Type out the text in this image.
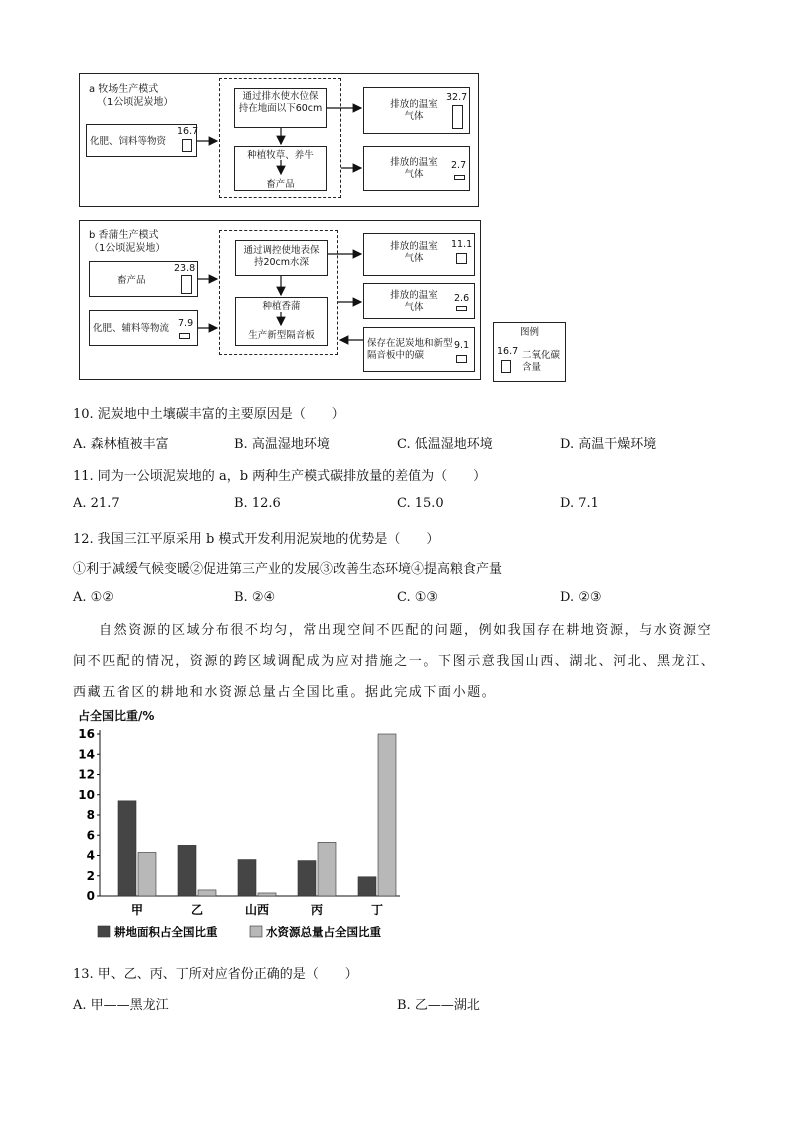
a 牧场生产模式
（1公顷泥炭地）
化肥、饲料等物资
16.7
通过排水使水位保持在地面以下60cm
种植牧草、养牛
畜产品
排放的温室气体
32.7
排放的温室气体
2.7
b 香蒲生产模式
（1公顷泥炭地）
畜产品
23.8
化肥、辅料等物流 7.9
通过调控使地表保持20cm水深
种植香蒲
生产新型隔音板
排放的温室气体
11.1
排放的温室气体
2.6
保存在泥炭地和新型隔音板中的碳
9.1
图例
16.7 二氧化碳含量
10. 泥炭地中土壤碳丰富的主要原因是（　　）
A. 森林植被丰富	B. 高温湿地环境	C. 低温湿地环境	D. 高温干燥环境
11. 同为一公顷泥炭地的 a，b 两种生产模式碳排放量的差值为（　　）
A. 21.7	B. 12.6	C. 15.0	D. 7.1
12. 我国三江平原采用 b 模式开发利用泥炭地的优势是（　　）
①利于减缓气候变暖②促进第三产业的发展③改善生态环境④提高粮食产量
A. ①②	B. ②④	C. ①③	D. ②③
自然资源的区域分布很不均匀，常出现空间不匹配的问题，例如我国存在耕地资源，与水资源空间不匹配的情况，资源的跨区域调配成为应对措施之一。下图示意我国山西、湖北、河北、黑龙江、西藏五省区的耕地和水资源总量占全国比重。据此完成下面小题。
占全国比重/%
0
2
4
6
8
10
12
14
16
甲	乙	山西	丙	丁
耕地面积占全国比重	水资源总量占全国比重
13. 甲、乙、丙、丁所对应省份正确的是（　　）
A. 甲——黑龙江	B. 乙——湖北
